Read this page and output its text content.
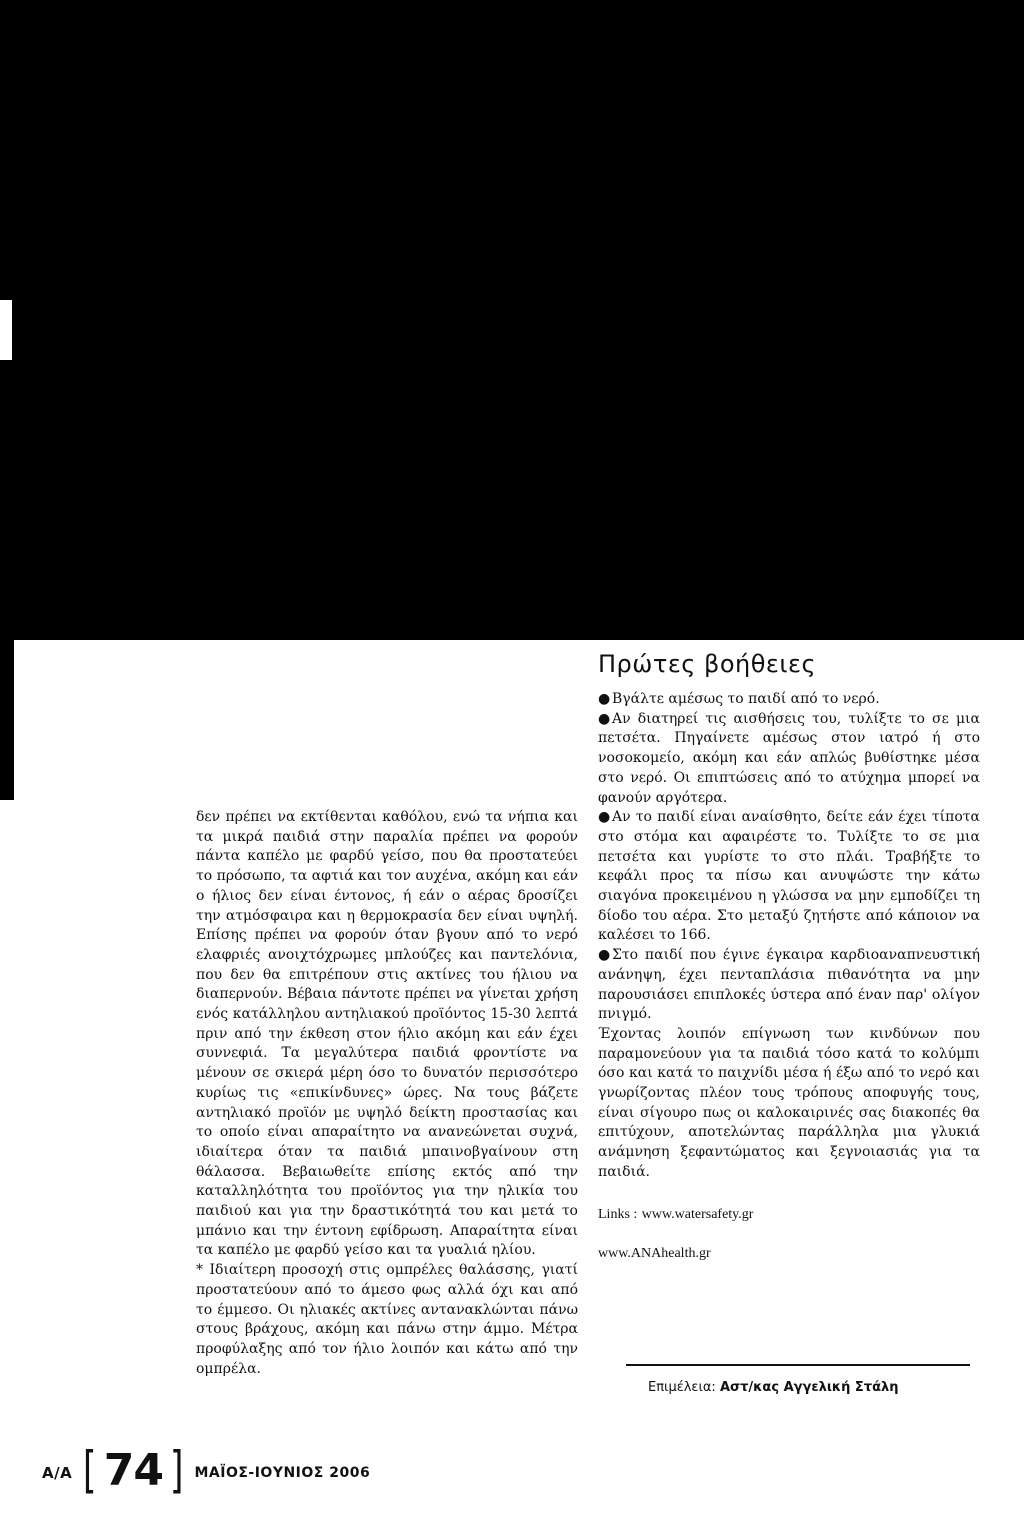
Πρώτες βοήθειες

δεν πρέπει να εκτίθενται καθόλου, ενώ τα νήπια και τα μικρά παιδιά στην παραλία πρέπει να φορούν πάντα καπέλο με φαρδύ γείσο, που θα προστατεύει το πρόσωπο, τα αφτιά και τον αυχένα, ακόμη και εάν ο ήλιος δεν είναι έντονος, ή εάν ο αέρας δροσίζει την ατμόσφαιρα και η θερμοκρασία δεν είναι υψηλή. Επίσης πρέπει να φορούν όταν βγουν από το νερό ελαφριές ανοιχτόχρωμες μπλούζες και παντελόνια, που δεν θα επιτρέπουν στις ακτίνες του ήλιου να διαπερνούν. Βέβαια πάντοτε πρέπει να γίνεται χρήση ενός κατάλληλου αντηλιακού προϊόντος 15-30 λεπτά πριν από την έκθεση στον ήλιο ακόμη και εάν έχει συννεφιά. Τα μεγαλύτερα παιδιά φροντίστε να μένουν σε σκιερά μέρη όσο το δυνατόν περισσότερο κυρίως τις «επικίνδυνες» ώρες. Να τους βάζετε αντηλιακό προϊόν με υψηλό δείκτη προστασίας και το οποίο είναι απαραίτητο να ανανεώνεται συχνά, ιδιαίτερα όταν τα παιδιά μπαινοβγαίνουν στη θάλασσα. Βεβαιωθείτε επίσης εκτός από την καταλληλότητα του προϊόντος για την ηλικία του παιδιού και για την δραστικότητά του και μετά το μπάνιο και την έντονη εφίδρωση. Απαραίτητα είναι τα καπέλο με φαρδύ γείσο και τα γυαλιά ηλίου.

* Ιδιαίτερη προσοχή στις ομπρέλες θαλάσσης, γιατί προστατεύουν από το άμεσο φως αλλά όχι και από το έμμεσο. Οι ηλιακές ακτίνες αντανακλώνται πάνω στους βράχους, ακόμη και πάνω στην άμμο. Μέτρα προφύλαξης από τον ήλιο λοιπόν και κάτω από την ομπρέλα.

● Βγάλτε αμέσως το παιδί από το νερό.

● Αν διατηρεί τις αισθήσεις του, τυλίξτε το σε μια πετσέτα. Πηγαίνετε αμέσως στον ιατρό ή στο νοσοκομείο, ακόμη και εάν απλώς βυθίστηκε μέσα στο νερό. Οι επιπτώσεις από το ατύχημα μπορεί να φανούν αργότερα.

● Αν το παιδί είναι αναίσθητο, δείτε εάν έχει τίποτα στο στόμα και αφαιρέστε το. Τυλίξτε το σε μια πετσέτα και γυρίστε το στο πλάι. Τραβήξτε το κεφάλι προς τα πίσω και ανυψώστε την κάτω σιαγόνα προκειμένου η γλώσσα να μην εμποδίζει τη δίοδο του αέρα. Στο μεταξύ ζητήστε από κάποιον να καλέσει το 166.

● Στο παιδί που έγινε έγκαιρα καρδιοαναπνευστική ανάνηψη, έχει πενταπλάσια πιθανότητα να μην παρουσιάσει επιπλοκές ύστερα από έναν παρ' ολίγον πνιγμό.

Έχοντας λοιπόν επίγνωση των κινδύνων που παραμονεύουν για τα παιδιά τόσο κατά το κολύμπι όσο και κατά το παιχνίδι μέσα ή έξω από το νερό και γνωρίζοντας πλέον τους τρόπους αποφυγής τους, είναι σίγουρο πως οι καλοκαιρινές σας διακοπές θα επιτύχουν, αποτελώντας παράλληλα μια γλυκιά ανάμνηση ξεφαντώματος και ξεγνοιασιάς για τα παιδιά.

Links : www.watersafety.gr

www.ANAhealth.gr

Επιμέλεια: Αστ/κας Αγγελική Στάλη
Α/Α [ 74 ] ΜΑΪΟΣ-ΙΟΥΝΙΟΣ 2006
